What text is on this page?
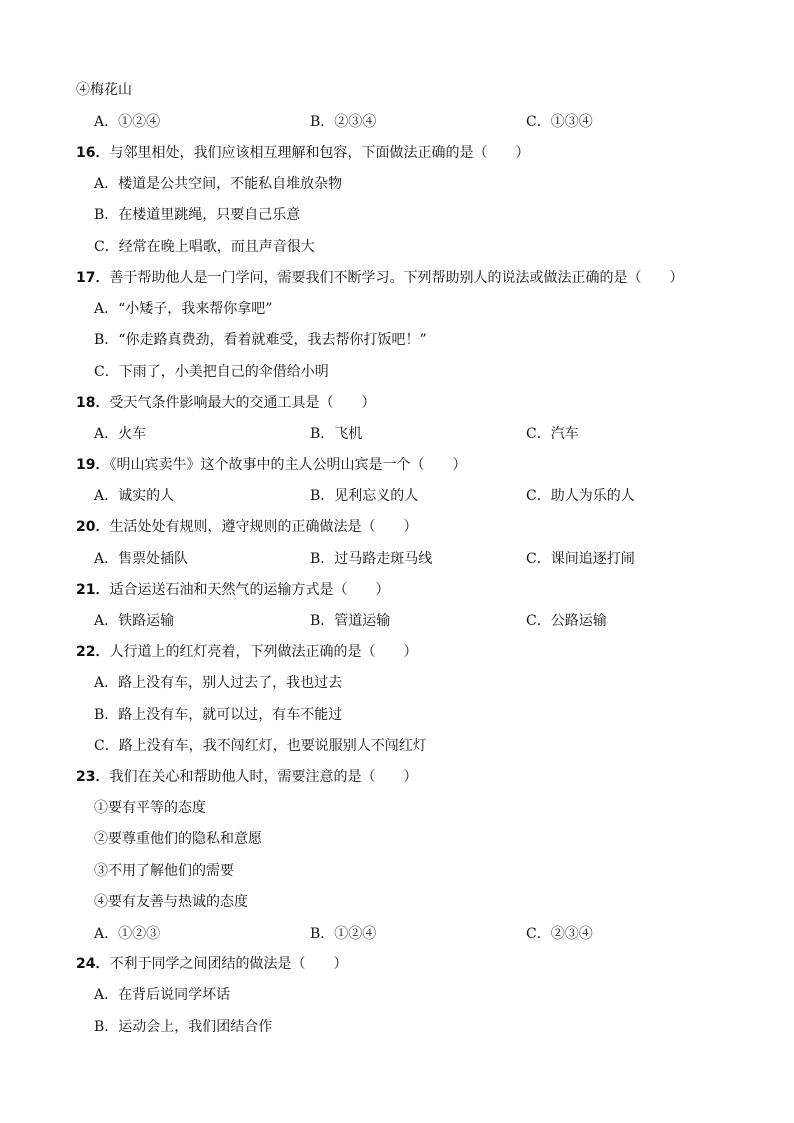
④梅花山
A．①②④	B．②③④	C．①③④
16．与邻里相处，我们应该相互理解和包容，下面做法正确的是（　　）
A．楼道是公共空间，不能私自堆放杂物
B．在楼道里跳绳，只要自己乐意
C．经常在晚上唱歌，而且声音很大
17．善于帮助他人是一门学问，需要我们不断学习。下列帮助别人的说法或做法正确的是（　　）
A．“小矮子，我来帮你拿吧”
B．“你走路真费劲，看着就难受，我去帮你打饭吧！”
C．下雨了，小美把自己的伞借给小明
18．受天气条件影响最大的交通工具是（　　）
A．火车	B．飞机	C．汽车
19．《明山宾卖牛》这个故事中的主人公明山宾是一个（　　）
A．诚实的人	B．见利忘义的人	C．助人为乐的人
20．生活处处有规则，遵守规则的正确做法是（　　）
A．售票处插队	B．过马路走斑马线	C．课间追逐打闹
21．适合运送石油和天然气的运输方式是（　　）
A．铁路运输	B．管道运输	C．公路运输
22．人行道上的红灯亮着，下列做法正确的是（　　）
A．路上没有车，别人过去了，我也过去
B．路上没有车，就可以过，有车不能过
C．路上没有车，我不闯红灯，也要说服别人不闯红灯
23．我们在关心和帮助他人时，需要注意的是（　　）
①要有平等的态度
②要尊重他们的隐私和意愿
③不用了解他们的需要
④要有友善与热诚的态度
A．①②③	B．①②④	C．②③④
24．不利于同学之间团结的做法是（　　）
A．在背后说同学坏话
B．运动会上，我们团结合作
